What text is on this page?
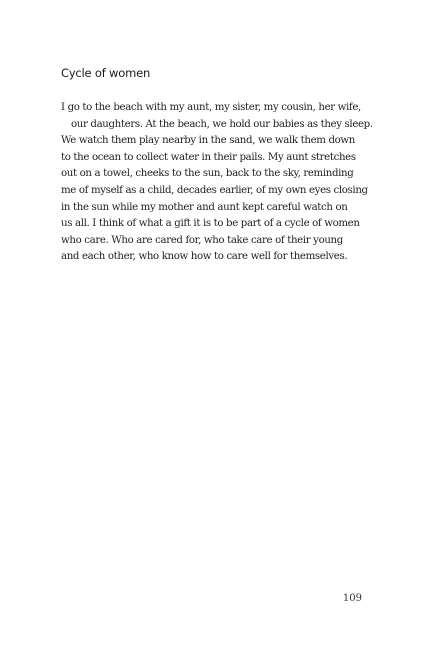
Cycle of women
I go to the beach with my aunt, my sister, my cousin, her wife,
our daughters. At the beach, we hold our babies as they sleep.
We watch them play nearby in the sand, we walk them down
to the ocean to collect water in their pails. My aunt stretches
out on a towel, cheeks to the sun, back to the sky, reminding
me of myself as a child, decades earlier, of my own eyes closing
in the sun while my mother and aunt kept careful watch on
us all. I think of what a gift it is to be part of a cycle of women
who care. Who are cared for, who take care of their young
and each other, who know how to care well for themselves.
109
